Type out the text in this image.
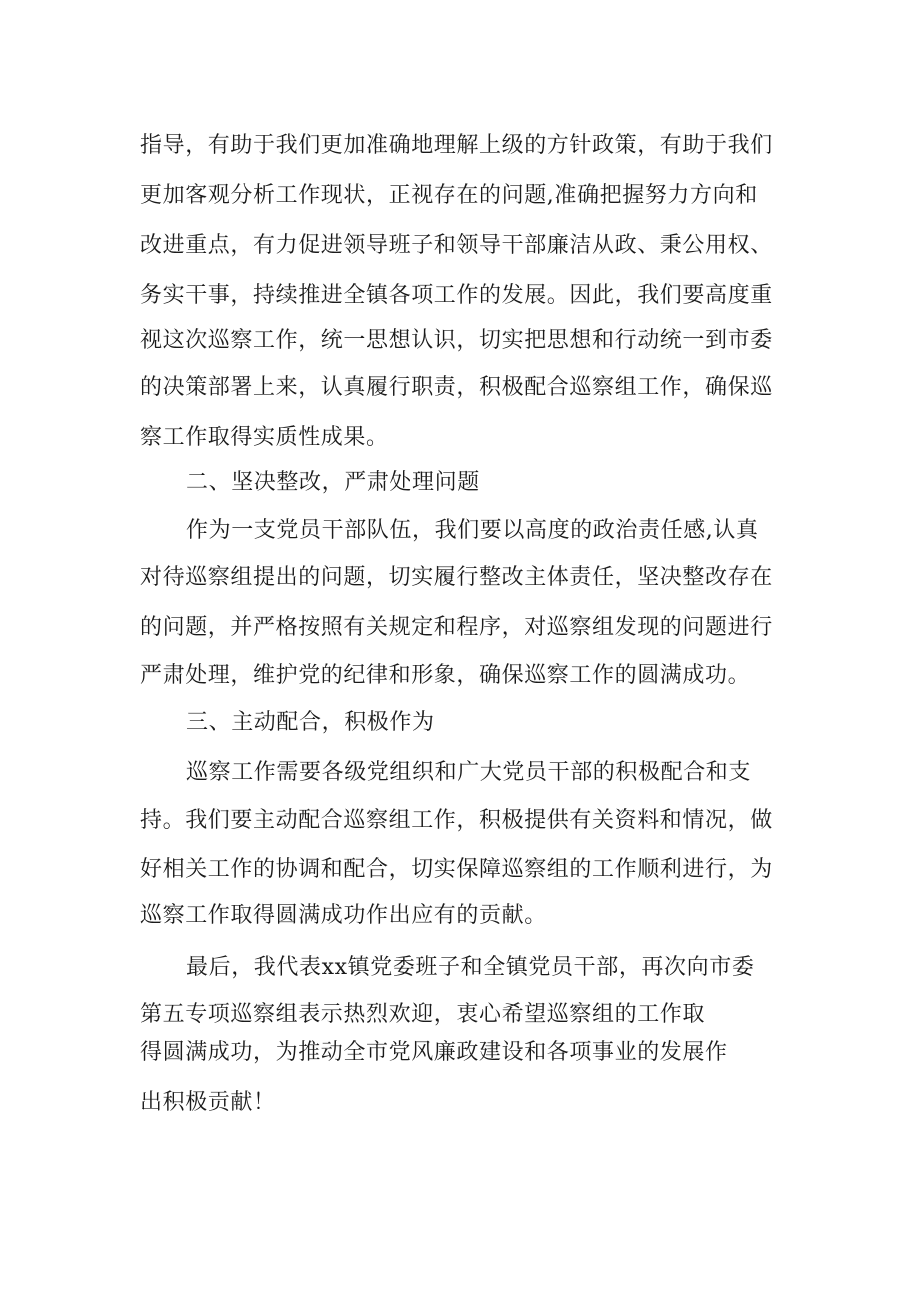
指导，有助于我们更加准确地理解上级的方针政策，有助于我们
更加客观分析工作现状，正视存在的问题,准确把握努力方向和
改进重点，有力促进领导班子和领导干部廉洁从政、秉公用权、
务实干事，持续推进全镇各项工作的发展。因此，我们要高度重
视这次巡察工作，统一思想认识，切实把思想和行动统一到市委
的决策部署上来，认真履行职责，积极配合巡察组工作，确保巡
察工作取得实质性成果。
二、坚决整改，严肃处理问题
作为一支党员干部队伍，我们要以高度的政治责任感,认真
对待巡察组提出的问题，切实履行整改主体责任，坚决整改存在
的问题，并严格按照有关规定和程序，对巡察组发现的问题进行
严肃处理，维护党的纪律和形象，确保巡察工作的圆满成功。
三、主动配合，积极作为
巡察工作需要各级党组织和广大党员干部的积极配合和支
持。我们要主动配合巡察组工作，积极提供有关资料和情况，做
好相关工作的协调和配合，切实保障巡察组的工作顺利进行，为
巡察工作取得圆满成功作出应有的贡献。
最后，我代表xx镇党委班子和全镇党员干部，再次向市委
第五专项巡察组表示热烈欢迎，衷心希望巡察组的工作取
得圆满成功，为推动全市党风廉政建设和各项事业的发展作
出积极贡献！
